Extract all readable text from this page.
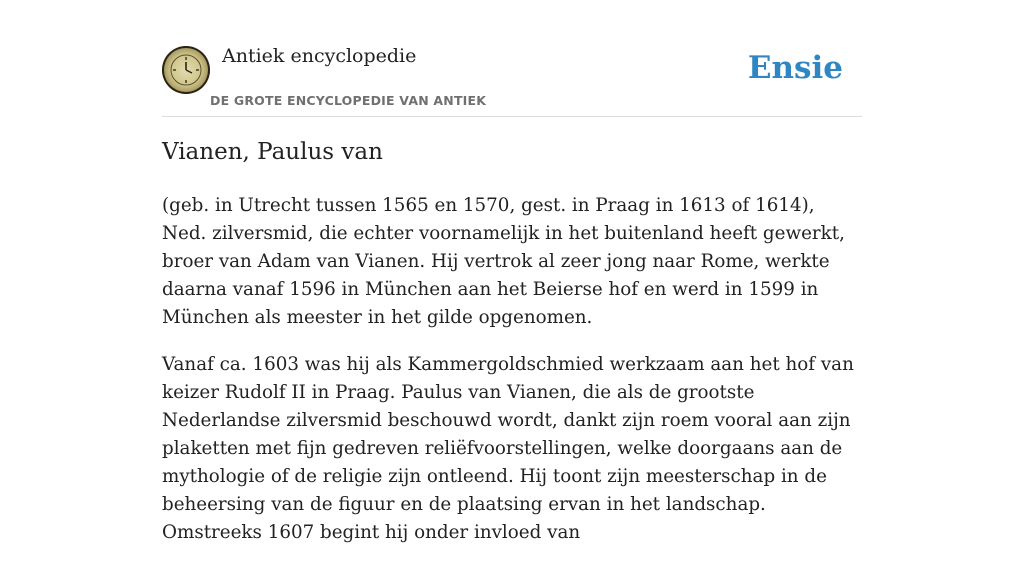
Antiek encyclopedie
DE GROTE ENCYCLOPEDIE VAN ANTIEK
Ensie
Vianen, Paulus van

(geb. in Utrecht tussen 1565 en 1570, gest. in Praag in 1613 of 1614), Ned. zilversmid, die echter voornamelijk in het buitenland heeft gewerkt, broer van Adam van Vianen. Hij vertrok al zeer jong naar Rome, werkte daarna vanaf 1596 in München aan het Beierse hof en werd in 1599 in München als meester in het gilde opgenomen.

Vanaf ca. 1603 was hij als Kammergoldschmied werkzaam aan het hof van keizer Rudolf II in Praag. Paulus van Vianen, die als de grootste Nederlandse zilversmid beschouwd wordt, dankt zijn roem vooral aan zijn plaketten met fijn gedreven reliëfvoorstellingen, welke doorgaans aan de mythologie of de religie zijn ontleend. Hij toont zijn meesterschap in de beheersing van de figuur en de plaatsing ervan in het landschap. Omstreeks 1607 begint hij onder invloed van
